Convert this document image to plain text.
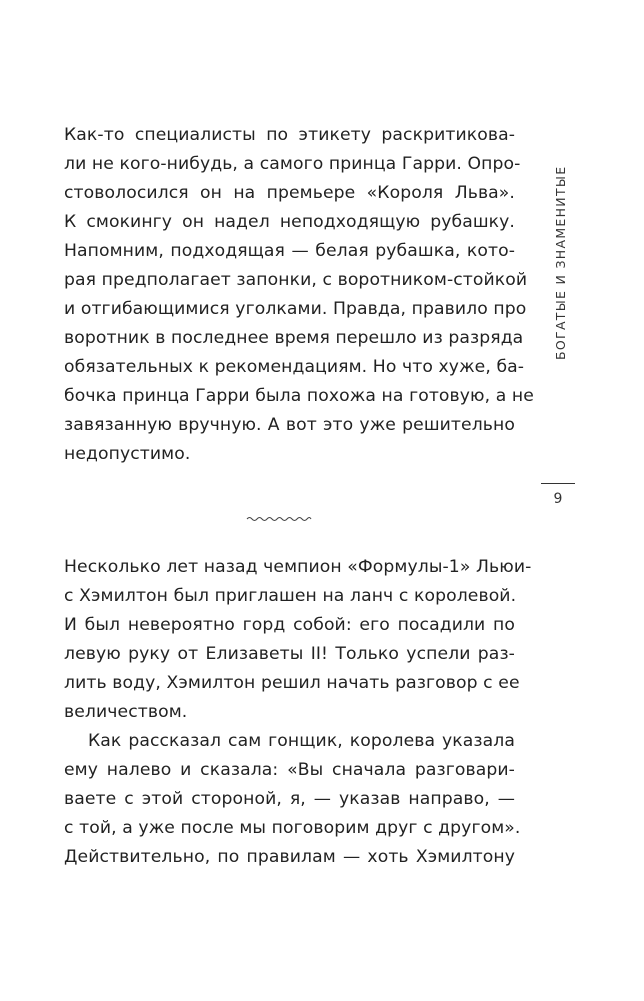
Как-то специалисты по этикету раскритикова-
ли не кого-нибудь, а самого принца Гарри. Опро-
стоволосился он на премьере «Короля Льва».
К смокингу он надел неподходящую рубашку.
Напомним, подходящая — белая рубашка, кото-
рая предполагает запонки, с воротником-стойкой
и отгибающимися уголками. Правда, правило про
воротник в последнее время перешло из разряда
обязательных к рекомендациям. Но что хуже, ба-
бочка принца Гарри была похожа на готовую, а не
завязанную вручную. А вот это уже решительно
недопустимо.

Несколько лет назад чемпион «Формулы-1» Льюи-
с Хэмилтон был приглашен на ланч с королевой.
И был невероятно горд собой: его посадили по
левую руку от Елизаветы II! Только успели раз-
лить воду, Хэмилтон решил начать разговор с ее
величеством.

Как рассказал сам гонщик, королева указала
ему налево и сказала: «Вы сначала разговари-
ваете с этой стороной, я, — указав направо, —
с той, а уже после мы поговорим друг с другом».
Действительно, по правилам — хоть Хэмилтону

БОГАТЫЕ И ЗНАМЕНИТЫЕ
9
